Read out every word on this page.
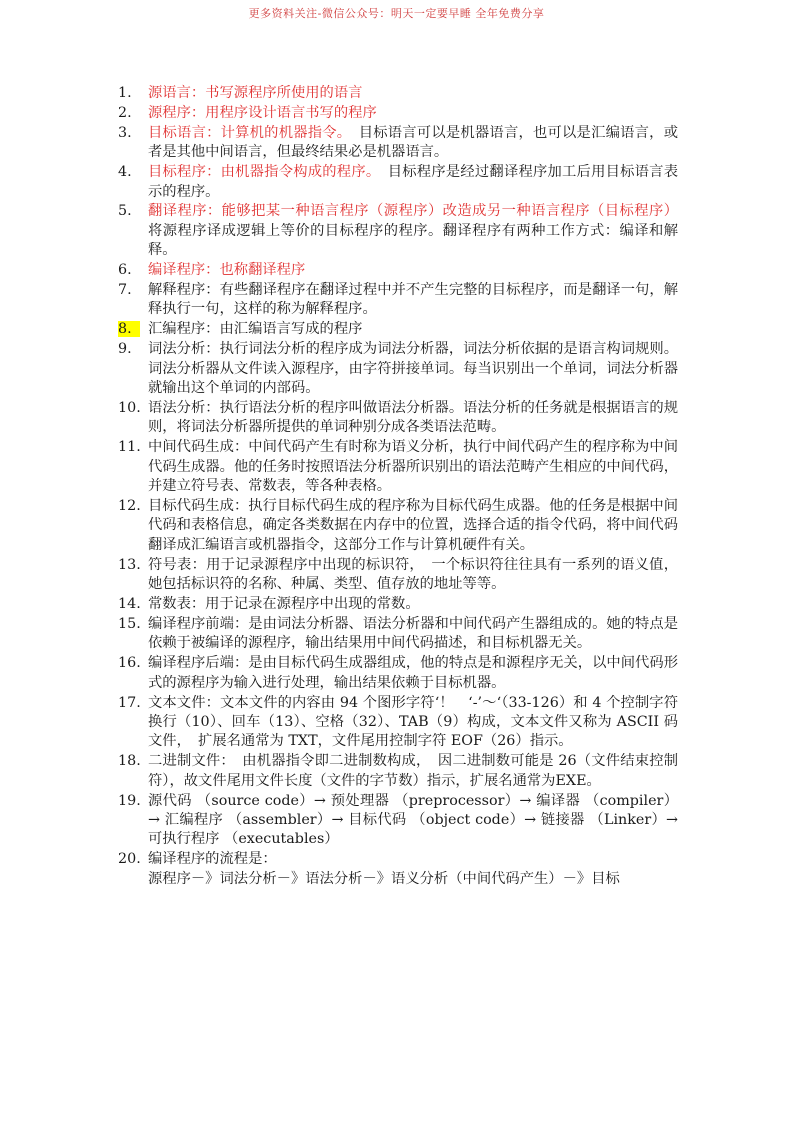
更多资料关注-微信公众号：明天一定要早睡 全年免费分享
1.	源语言：书写源程序所使用的语言
2.	源程序：用程序设计语言书写的程序
3.	目标语言：计算机的机器指令。　目标语言可以是机器语言，也可以是汇编语言，或者是其他中间语言，但最终结果必是机器语言。
4.	目标程序：由机器指令构成的程序。　目标程序是经过翻译程序加工后用目标语言表示的程序。
5.	翻译程序：能够把某一种语言程序（源程序）改造成另一种语言程序（目标程序） 将源程序译成逻辑上等价的目标程序的程序。翻译程序有两种工作方式：编译和解释。
6.	编译程序：也称翻译程序
7.	解释程序：有些翻译程序在翻译过程中并不产生完整的目标程序，而是翻译一句，解释执行一句，这样的称为解释程序。
8.	汇编程序：由汇编语言写成的程序
9.	词法分析：执行词法分析的程序成为词法分析器，词法分析依据的是语言构词规则。词法分析器从文件读入源程序，由字符拼接单词。每当识别出一个单词，词法分析器就输出这个单词的内部码。
10. 语法分析：执行语法分析的程序叫做语法分析器。语法分析的任务就是根据语言的规则，将词法分析器所提供的单词种别分成各类语法范畴。
11. 中间代码生成：中间代码产生有时称为语义分析，执行中间代码产生的程序称为中间代码生成器。他的任务时按照语法分析器所识别出的语法范畴产生相应的中间代码，并建立符号表、常数表，等各种表格。
12. 目标代码生成：执行目标代码生成的程序称为目标代码生成器。他的任务是根据中间代码和表格信息，确定各类数据在内存中的位置，选择合适的指令代码，将中间代码翻译成汇编语言或机器指令，这部分工作与计算机硬件有关。
13. 符号表：用于记录源程序中出现的标识符，　一个标识符往往具有一系列的语义值，她包括标识符的名称、种属、类型、值存放的地址等等。
14. 常数表：用于记录在源程序中出现的常数。
15. 编译程序前端：是由词法分析器、语法分析器和中间代码产生器组成的。她的特点是依赖于被编译的源程序，输出结果用中间代码描述，和目标机器无关。
16. 编译程序后端：是由目标代码生成器组成，他的特点是和源程序无关，以中间代码形式的源程序为输入进行处理，输出结果依赖于目标机器。
17. 文本文件：文本文件的内容由 94 个图形字符‘！　‘-’～‘（33-126）和 4 个控制字符换行（10）、回车（13）、空格（32）、TAB（9）构成，文本文件又称为 ASCII 码文件，　扩展名通常为 TXT，文件尾用控制字符 EOF（26）指示。
18. 二进制文件：　由机器指令即二进制数构成，　因二进制数可能是 26（文件结束控制符），故文件尾用文件长度（文件的字节数）指示，扩展名通常为EXE。
19. 源代码 （source code）→ 预处理器 （preprocessor）→ 编译器 （compiler）→ 汇编程序 （assembler）→ 目标代码 （object code）→ 链接器 （Linker）→ 可执行程序 （executables）
20. 编译程序的流程是：
源程序－》词法分析－》语法分析－》语义分析（中间代码产生）－》目标
